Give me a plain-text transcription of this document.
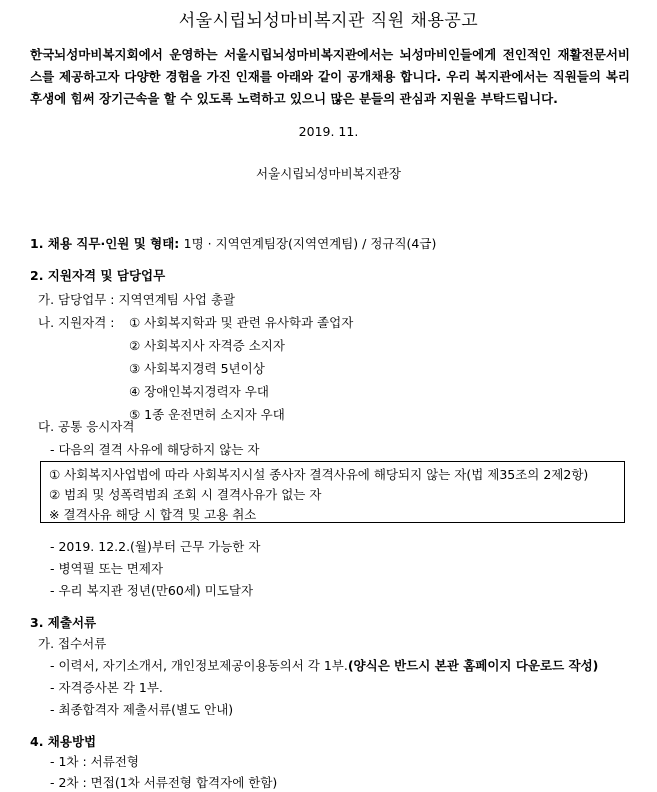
서울시립뇌성마비복지관 직원 채용공고
한국뇌성마비복지회에서 운영하는 서울시립뇌성마비복지관에서는 뇌성마비인들에게 전인적인 재활전문서비스를 제공하고자 다양한 경험을 가진 인재를 아래와 같이 공개채용 합니다. 우리 복지관에서는 직원들의 복리후생에 힘써 장기근속을 할 수 있도록 노력하고 있으니 많은 분들의 관심과 지원을 부탁드립니다.
2019. 11.
서울시립뇌성마비복지관장
1. 채용 직무·인원 및 형태: 1명 · 지역연계팀장(지역연계팀) / 정규직(4급)
2. 지원자격 및 담당업무
가. 담당업무 : 지역연계팀 사업 총괄
나. 지원자격 : ① 사회복지학과 및 관련 유사학과 졸업자
② 사회복지사 자격증 소지자
③ 사회복지경력 5년이상
④ 장애인복지경력자 우대
⑤ 1종 운전면허 소지자 우대
다. 공통 응시자격
- 다음의 결격 사유에 해당하지 않는 자
① 사회복지사업법에 따라 사회복지시설 종사자 결격사유에 해당되지 않는 자(법 제35조의 2제2항)
② 범죄 및 성폭력범죄 조회 시 결격사유가 없는 자
※ 결격사유 해당 시 합격 및 고용 취소
- 2019. 12.2.(월)부터 근무 가능한 자
- 병역필 또는 면제자
- 우리 복지관 정년(만60세) 미도달자
3. 제출서류
가. 접수서류
- 이력서, 자기소개서, 개인정보제공이용동의서 각 1부.(양식은 반드시 본관 홈페이지 다운로드 작성)
- 자격증사본 각 1부.
- 최종합격자 제출서류(별도 안내)
4. 채용방법
- 1차 : 서류전형
- 2차 : 면접(1차 서류전형 합격자에 한함)
